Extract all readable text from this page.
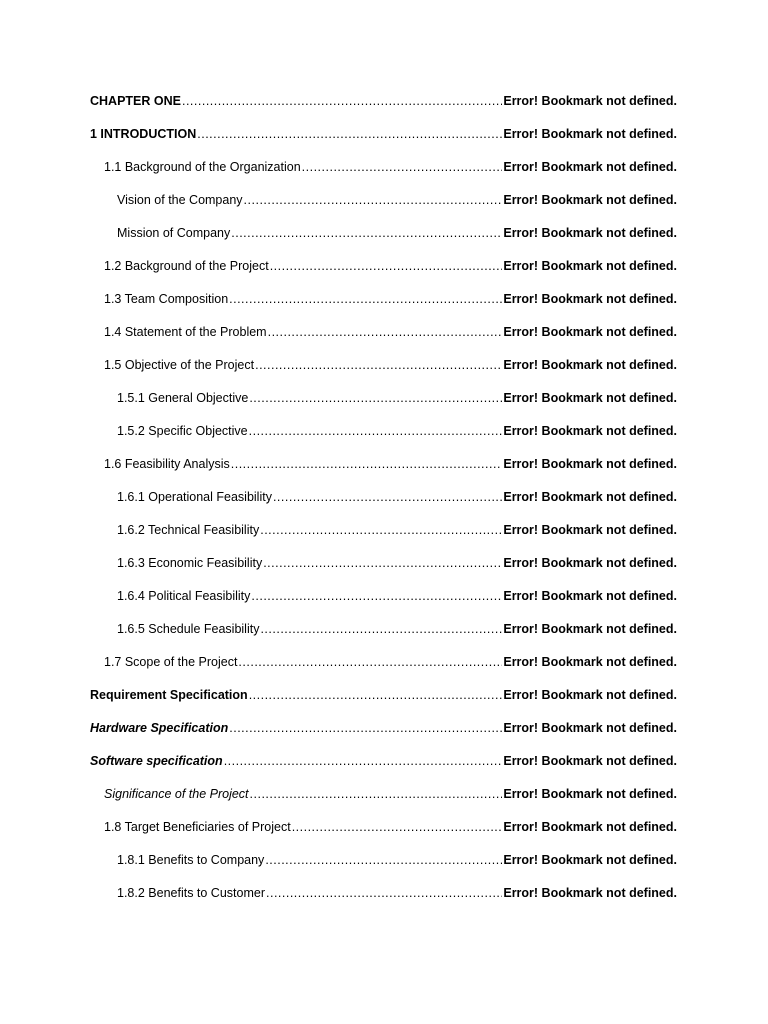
CHAPTER ONE .....	Error! Bookmark not defined.
1 INTRODUCTION .....	Error! Bookmark not defined.
1.1 Background of the Organization .....	Error! Bookmark not defined.
Vision of the Company .....	Error! Bookmark not defined.
Mission of Company .....	Error! Bookmark not defined.
1.2 Background of the Project .....	Error! Bookmark not defined.
1.3 Team Composition .....	Error! Bookmark not defined.
1.4 Statement of the Problem .....	Error! Bookmark not defined.
1.5 Objective of the Project .....	Error! Bookmark not defined.
1.5.1 General Objective .....	Error! Bookmark not defined.
1.5.2 Specific Objective .....	Error! Bookmark not defined.
1.6 Feasibility Analysis .....	Error! Bookmark not defined.
1.6.1 Operational Feasibility .....	Error! Bookmark not defined.
1.6.2 Technical Feasibility .....	Error! Bookmark not defined.
1.6.3 Economic Feasibility .....	Error! Bookmark not defined.
1.6.4 Political Feasibility .....	Error! Bookmark not defined.
1.6.5 Schedule Feasibility .....	Error! Bookmark not defined.
1.7 Scope of the Project .....	Error! Bookmark not defined.
Requirement Specification .....	Error! Bookmark not defined.
Hardware Specification .....	Error! Bookmark not defined.
Software specification .....	Error! Bookmark not defined.
Significance of the Project .....	Error! Bookmark not defined.
1.8 Target Beneficiaries of Project .....	Error! Bookmark not defined.
1.8.1 Benefits to Company .....	Error! Bookmark not defined.
1.8.2 Benefits to Customer .....	Error! Bookmark not defined.
